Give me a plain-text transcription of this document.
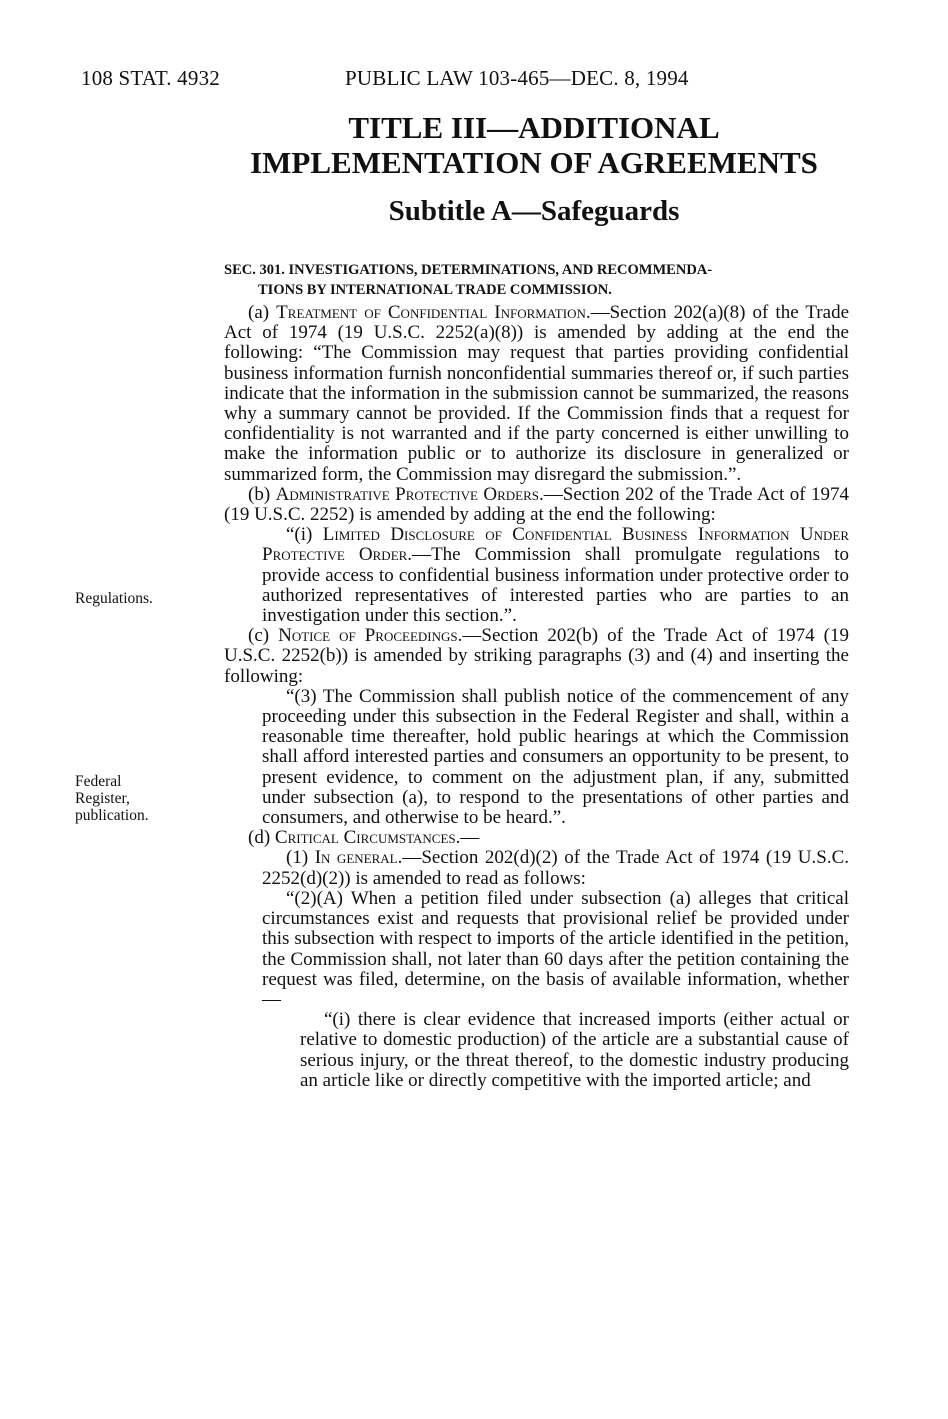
108 STAT. 4932	PUBLIC LAW 103-465—DEC. 8, 1994
TITLE III—ADDITIONAL
IMPLEMENTATION OF AGREEMENTS
Subtitle A—Safeguards
SEC. 301. INVESTIGATIONS, DETERMINATIONS, AND RECOMMENDA-
TIONS BY INTERNATIONAL TRADE COMMISSION.
Regulations.
Federal Register, publication.

(a) Treatment of Confidential Information.—Section 202(a)(8) of the Trade Act of 1974 (19 U.S.C. 2252(a)(8)) is amended by adding at the end the following: “The Commission may request that parties providing confidential business information furnish nonconfidential summaries thereof or, if such parties indicate that the information in the submission cannot be summarized, the reasons why a summary cannot be provided. If the Commission finds that a request for confidentiality is not warranted and if the party concerned is either unwilling to make the information public or to authorize its disclosure in generalized or summarized form, the Commission may disregard the submission.”.

(b) Administrative Protective Orders.—Section 202 of the Trade Act of 1974 (19 U.S.C. 2252) is amended by adding at the end the following:

“(i) Limited Disclosure of Confidential Business Information Under Protective Order.—The Commission shall promulgate regulations to provide access to confidential business information under protective order to authorized representatives of interested parties who are parties to an investigation under this section.”.

(c) Notice of Proceedings.—Section 202(b) of the Trade Act of 1974 (19 U.S.C. 2252(b)) is amended by striking paragraphs (3) and (4) and inserting the following:

“(3) The Commission shall publish notice of the commencement of any proceeding under this subsection in the Federal Register and shall, within a reasonable time thereafter, hold public hearings at which the Commission shall afford interested parties and consumers an opportunity to be present, to present evidence, to comment on the adjustment plan, if any, submitted under subsection (a), to respond to the presentations of other parties and consumers, and otherwise to be heard.”.

(d) Critical Circumstances.—

(1) In general.—Section 202(d)(2) of the Trade Act of 1974 (19 U.S.C. 2252(d)(2)) is amended to read as follows:

“(2)(A) When a petition filed under subsection (a) alleges that critical circumstances exist and requests that provisional relief be provided under this subsection with respect to imports of the article identified in the petition, the Commission shall, not later than 60 days after the petition containing the request was filed, determine, on the basis of available information, whether—

“(i) there is clear evidence that increased imports (either actual or relative to domestic production) of the article are a substantial cause of serious injury, or the threat thereof, to the domestic industry producing an article like or directly competitive with the imported article; and
